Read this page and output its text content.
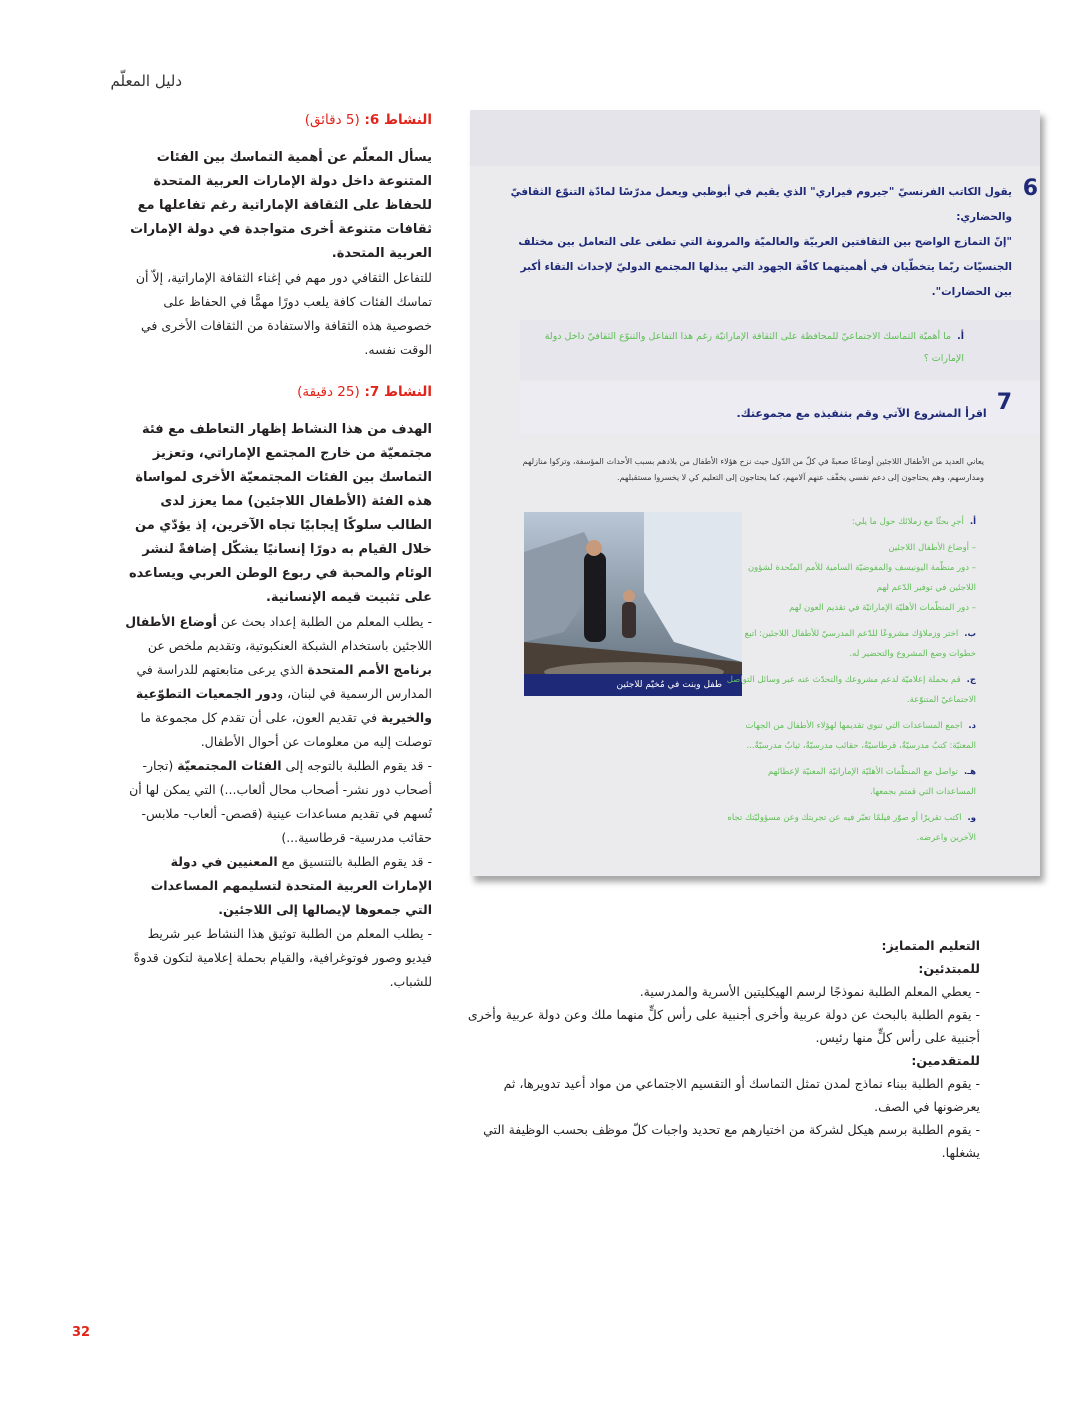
دليل المعلّم
النشاط 6: (5 دقائق)
يسأل المعلّم عن أهمية التماسك بين الفئات المتنوعة داخل دولة الإمارات العربية المتحدة للحفاظ على الثقافة الإماراتية رغم تفاعلها مع ثقافات متنوعة أخرى متواجدة في دولة الإمارات العربية المتحدة.

للتفاعل الثقافي دور مهم في إغناء الثقافة الإماراتية، إلاّ أن تماسك الفئات كافة يلعب دورًا مهمًّا في الحفاظ على خصوصية هذه الثقافة والاستفادة من الثقافات الأخرى في الوقت نفسه.

النشاط 7: (25 دقيقة)
الهدف من هذا النشاط إظهار التعاطف مع فئة مجتمعيّة من خارج المجتمع الإماراتي، وتعزيز التماسك بين الفئات المجتمعيّة الأخرى لمواساة هذه الفئة (الأطفال اللاجئين) مما يعزز لدى الطالب سلوكًا إيجابيًا تجاه الآخرين، إذ يؤدّي من خلال القيام به دورًا إنسانيًا يشكّل إضافةً لنشر الوئام والمحبة في ربوع الوطن العربي ويساعده على تثبيت قيمه الإنسانية.

- يطلب المعلم من الطلبة إعداد بحث عن أوضاع الأطفال اللاجئين باستخدام الشبكة العنكبوتية، وتقديم ملخص عن برنامج الأمم المتحدة الذي يرعى متابعتهم للدراسة في المدارس الرسمية في لبنان، ودور الجمعيات التطوّعية والخيرية في تقديم العون، على أن تقدم كل مجموعة ما توصلت إليه من معلومات عن أحوال الأطفال.

- قد يقوم الطلبة بالتوجه إلى الفئات المجتمعيّة (تجار- أصحاب دور نشر- أصحاب محال ألعاب...) التي يمكن لها أن تُسهم في تقديم مساعدات عينية (قصص- ألعاب- ملابس- حقائب مدرسية- قرطاسية...)

- قد يقوم الطلبة بالتنسيق مع المعنيين في دولة الإمارات العربية المتحدة لتسليمهم المساعدات التي جمعوها لإيصالها إلى اللاجئين.

- يطلب المعلم من الطلبة توثيق هذا النشاط عبر شريط فيديو وصور فوتوغرافية، والقيام بحملة إعلامية لتكون قدوةً للشباب.

6
يقول الكاتب الفرنسيّ "جيروم فيراري" الذي يقيم في أبوظبي ويعمل مدرّسًا لمادّة التنوّع الثقافيّ والحضاري:
"إنّ التمازج الواضح بين الثقافتين العربيّة والعالميّة والمرونة التي تطغى على التعامل بين مختلف الجنسيّات ربّما يتخطّيان في أهميتهما كافّة الجهود التي يبذلها المجتمع الدوليّ لإحداث التقاء أكبر بين الحضارات".
أ.ما أهميّة التماسك الاجتماعيّ للمحافظة على الثقافة الإماراتيّة رغم هذا التفاعل والتنوّع الثقافيّ داخل دولة الإمارات ؟
7اقرأ المشروع الآتي وقم بتنفيذه مع مجموعتك.
يعاني العديد من الأطفال اللاجئين أوضاعًا صعبةً في كلّ من الدّول حيث نزح هؤلاء الأطفال من بلادهم بسبب الأحداث المؤسفة، وتركوا منازلهم ومدارسهم، وهم يحتاجون إلى دعم نفسي يخفّف عنهم آلامهم، كما يحتاجون إلى التعليم كي لا يخسروا مستقبلهم.
طفل وبنت في مُخيّم للاجئين
أ.أجرِ بحثًا مع زملائك حول ما يلي:
– أوضاع الأطفال اللاجئين
– دور منظّمة اليونيسف والمفوضيّة السامية للأمم المتّحدة لشؤون اللاجئين في توفير الدّعم لهم
– دور المنظّمات الأهليّة الإماراتيّة في تقديم العون لهم
ب.اختر وزملاؤك مشروعًا للدّعم المدرسيّ للأطفال اللاجئين: اتبع خطوات وضع المشروع والتحضير له.
ج.قم بحملة إعلاميّة لدعم مشروعك والتحدّث عنه عبر وسائل التواصل الاجتماعيّ المتنوّعة.
د.اجمع المساعدات التي تنوي تقديمها لهؤلاء الأطفال من الجهات المعنيّة: كتبٌ مدرسيّةٌ، قرطاسيّةٌ، حقائب مدرسيّةٌ، ثيابٌ مدرسيّةٌ...
هـ.تواصل مع المنظّمات الأهليّة الإماراتيّة المعنيّة لإعطائهم المساعدات التي قمتم بجمعها.
و.اكتب تقريرًا أو صوّر فيلمًا تعبّر فيه عن تجربتك وعن مسؤوليّتك تجاه الآخرين واعرضه.
التعليم المتمايز:
للمبتدئين:
- يعطي المعلم الطلبة نموذجًا لرسم الهيكليتين الأسرية والمدرسية.
- يقوم الطلبة بالبحث عن دولة عربية وأخرى أجنبية على رأس كلٍّ منهما ملك وعن دولة عربية وأخرى أجنبية على رأس كلٍّ منها رئيس.
للمتقدمين:
- يقوم الطلبة ببناء نماذج لمدن تمثل التماسك أو التقسيم الاجتماعي من مواد أعيد تدويرها، ثم يعرضونها في الصف.
- يقوم الطلبة برسم هيكل لشركة من اختيارهم مع تحديد واجبات كلّ موظف بحسب الوظيفة التي يشغلها.
32
